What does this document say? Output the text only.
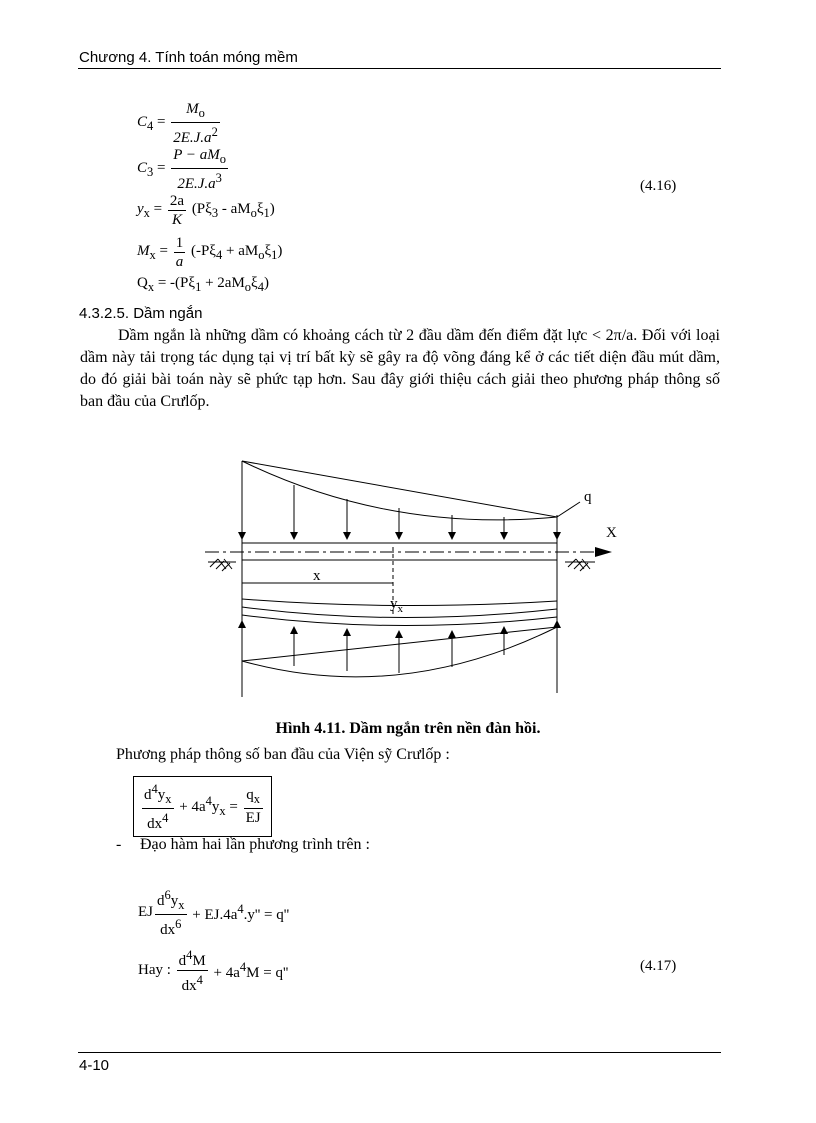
Chương 4. Tính toán móng mềm
$C_4 = \frac{M_o}{2E.J.a^2}$
$C_3 = \frac{P - aM_o}{2E.J.a^3}$
$y_x = \frac{2a}{K} (P\xi_3 - aM_o\xi_1)$
$M_x = \frac{1}{a} (-P\xi_4 + aM_o\xi_1)$
$Q_x = -(P\xi_1 + 2aM_o\xi_4)$
(4.16)
4.3.2.5. Dầm ngắn

Dầm ngắn là những dầm có khoảng cách từ 2 đầu dầm đến điểm đặt lực < 2π/a. Đối với loại dầm này tải trọng tác dụng tại vị trí bất kỳ sẽ gây ra độ võng đáng kể ở các tiết diện đầu mút dầm, do đó giải bài toán này sẽ phức tạp hơn. Sau đây giới thiệu cách giải theo phương pháp thông số ban đầu của Crưlốp.

q
X
x
$y_x$
Hình 4.11. Dầm ngắn trên nền đàn hồi.
Phương pháp thông số ban đầu của Viện sỹ Crưlốp :
$\frac{d^4y_x}{dx^4} + 4a^4y_x = \frac{q_x}{EJ}$
- Đạo hàm hai lần phương trình trên :
EJ $\frac{d^6y_x}{dx^6} + EJ.4a^4.y'' = q''$
Hay : $\frac{d^4M}{dx^4} + 4a^4M = q''$	(4.17)
4-10
